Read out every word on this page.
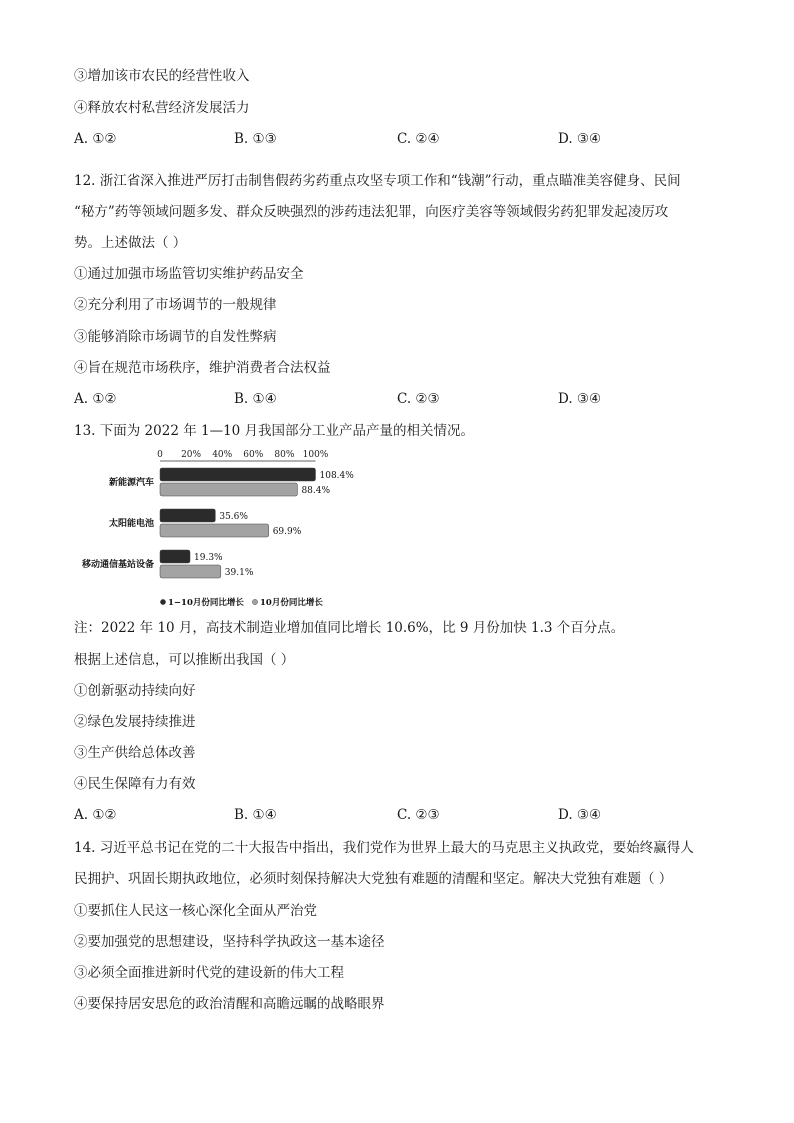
③增加该市农民的经营性收入
④释放农村私营经济发展活力
A. ①②	B. ①③	C. ②④	D. ③④
12. 浙江省深入推进严厉打击制售假药劣药重点攻坚专项工作和“钱潮”行动，重点瞄准美容健身、民间
“秘方”药等领域问题多发、群众反映强烈的涉药违法犯罪，向医疗美容等领域假劣药犯罪发起凌厉攻
势。上述做法（ ）
①通过加强市场监管切实维护药品安全
②充分利用了市场调节的一般规律
③能够消除市场调节的自发性弊病
④旨在规范市场秩序，维护消费者合法权益
A. ①②	B. ①④	C. ②③	D. ③④
13. 下面为 2022 年 1—10 月我国部分工业产品产量的相关情况。
0 20% 40% 60% 80% 100%
108.4%
88.4%
35.6%
69.9%
19.3%
39.1%
新能源汽车
太阳能电池
移动通信基站设备
1−10月份同比增长 10月份同比增长
注：2022 年 10 月，高技术制造业增加值同比增长 10.6%，比 9 月份加快 1.3 个百分点。
根据上述信息，可以推断出我国（ ）
①创新驱动持续向好
②绿色发展持续推进
③生产供给总体改善
④民生保障有力有效
A. ①②	B. ①④	C. ②③	D. ③④
14. 习近平总书记在党的二十大报告中指出，我们党作为世界上最大的马克思主义执政党，要始终赢得人
民拥护、巩固长期执政地位，必须时刻保持解决大党独有难题的清醒和坚定。解决大党独有难题（ ）
①要抓住人民这一核心深化全面从严治党
②要加强党的思想建设，坚持科学执政这一基本途径
③必须全面推进新时代党的建设新的伟大工程
④要保持居安思危的政治清醒和高瞻远瞩的战略眼界
